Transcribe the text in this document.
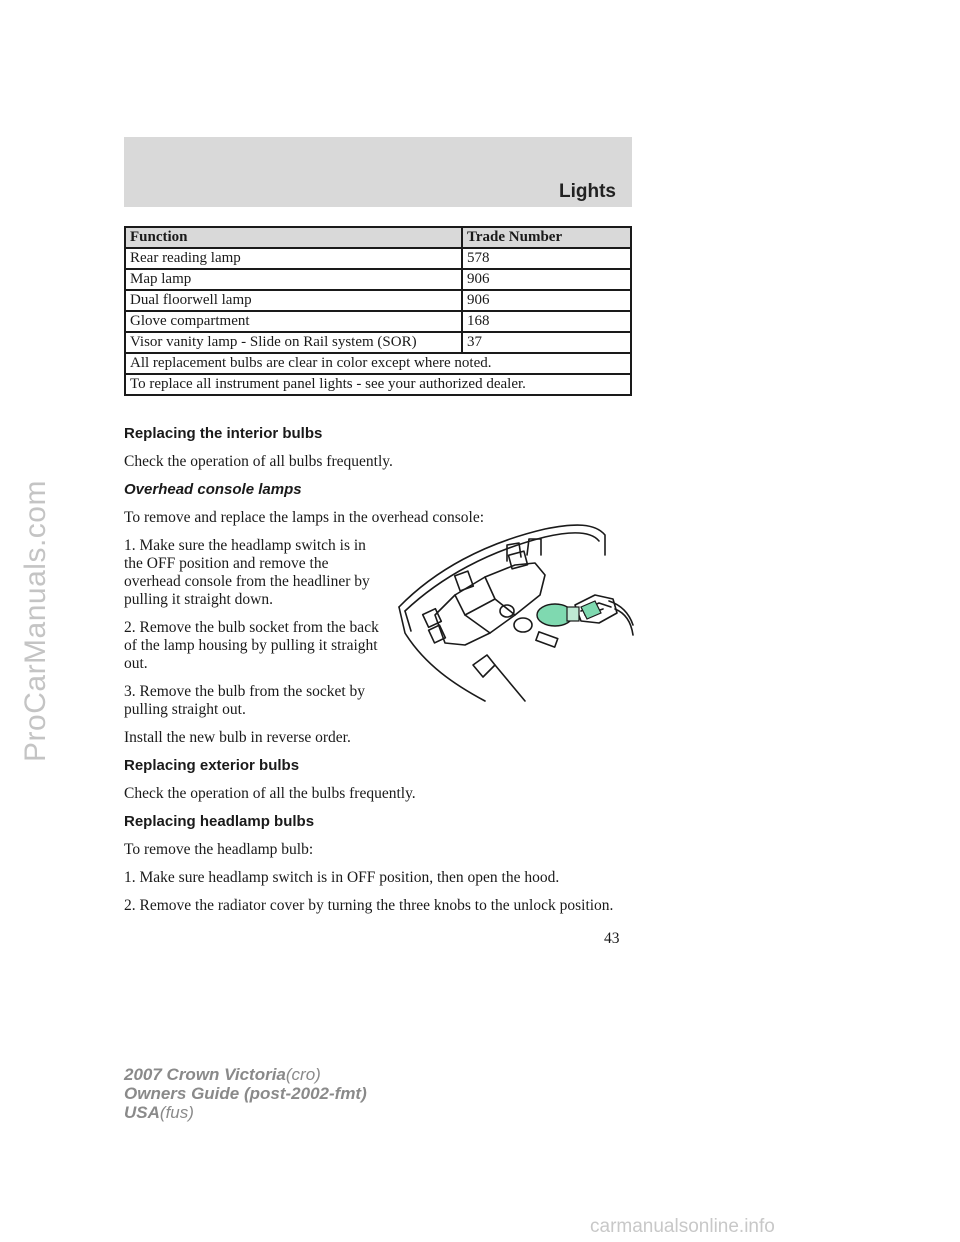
ProCarManuals.com
Lights
Function	Trade Number
Rear reading lamp	578
Map lamp	906
Dual floorwell lamp	906
Glove compartment	168
Visor vanity lamp - Slide on Rail system (SOR)	37
All replacement bulbs are clear in color except where noted.	
To replace all instrument panel lights - see your authorized dealer.	
Replacing the interior bulbs

Check the operation of all bulbs frequently.

Overhead console lamps

To remove and replace the lamps in the overhead console:

1. Make sure the headlamp switch is in the OFF position and remove the overhead console from the headliner by pulling it straight down.

2. Remove the bulb socket from the back of the lamp housing by pulling it straight out.

3. Remove the bulb from the socket by pulling straight out.

Install the new bulb in reverse order.

Replacing exterior bulbs

Check the operation of all the bulbs frequently.

Replacing headlamp bulbs

To remove the headlamp bulb:

1. Make sure headlamp switch is in OFF position, then open the hood.

2. Remove the radiator cover by turning the three knobs to the unlock position.

43
2007 Crown Victoria(cro)
Owners Guide (post-2002-fmt)
USA(fus)
carmanualsonline.info
